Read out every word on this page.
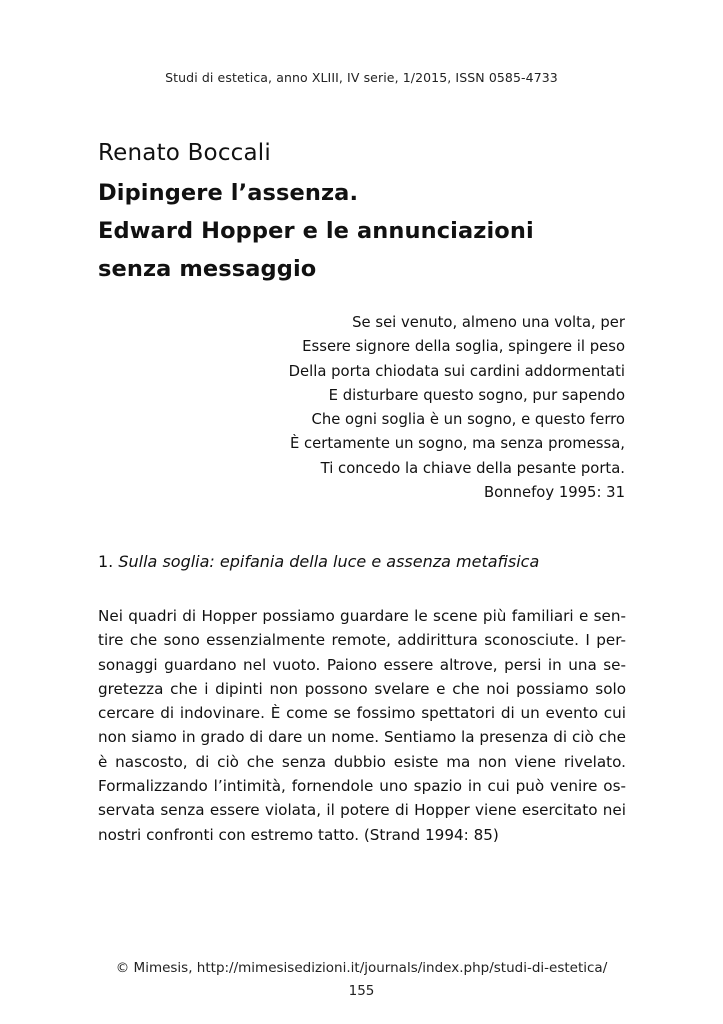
Studi di estetica, anno XLIII, IV serie, 1/2015, ISSN 0585-4733
Renato Boccali
Dipingere l’assenza.
Edward Hopper e le annunciazioni
senza messaggio
Se sei venuto, almeno una volta, per
Essere signore della soglia, spingere il peso
Della porta chiodata sui cardini addormentati
E disturbare questo sogno, pur sapendo
Che ogni soglia è un sogno, e questo ferro
È certamente un sogno, ma senza promessa,
Ti concedo la chiave della pesante porta.
Bonnefoy 1995: 31
1. Sulla soglia: epifania della luce e assenza metafisica
Nei quadri di Hopper possiamo guardare le scene più familiari e sen-
tire che sono essenzialmente remote, addirittura sconosciute. I per-
sonaggi guardano nel vuoto. Paiono essere altrove, persi in una se-
gretezza che i dipinti non possono svelare e che noi possiamo solo
cercare di indovinare. È come se fossimo spettatori di un evento cui
non siamo in grado di dare un nome. Sentiamo la presenza di ciò che
è nascosto, di ciò che senza dubbio esiste ma non viene rivelato.
Formalizzando l’intimità, fornendole uno spazio in cui può venire os-
servata senza essere violata, il potere di Hopper viene esercitato nei
nostri confronti con estremo tatto. (Strand 1994: 85)
© Mimesis, http://mimesisedizioni.it/journals/index.php/studi-di-estetica/
155
